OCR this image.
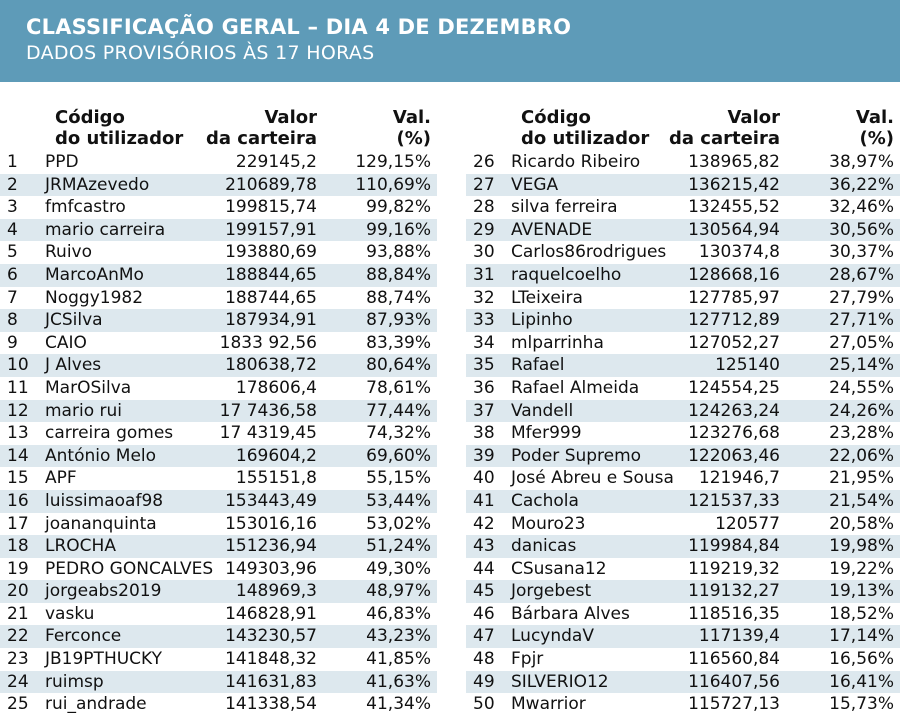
CLASSIFICAÇÃO GERAL – DIA 4 DE DEZEMBRO
DADOS PROVISÓRIOS ÀS 17 HORAS
Código
do utilizador
Valor
da carteira
Val.
(%)
1 PPD	229145,2 129,15%
2 JRMAzevedo	210689,78 110,69%
3 fmfcastro	199815,74	99,82%
4 mario carreira	199157,91	99,16%
5 Ruivo	193880,69	93,88%
6 MarcoAnMo	188844,65	88,84%
7 Noggy1982	188744,65	88,74%
8 JCSilva	187934,91	87,93%
9 CAIO	1833 92,56	83,39%
10 J Alves	180638,72	80,64%
11 MarOSilva	178606,4	78,61%
12 mario rui	17 7436,58	77,44%
13 carreira gomes	17 4319,45	74,32%
14 António Melo	169604,2	69,60%
15 APF	155151,8	55,15%
16 luissimaoaf98	153443,49	53,44%
17 joananquinta	153016,16	53,02%
18 LROCHA	151236,94	51,24%
19 PEDRO GONCALVES 149303,96	49,30%
20 jorgeabs2019	148969,3	48,97%
21 vasku	146828,91	46,83%
22 Ferconce	143230,57	43,23%
23 JB19PTHUCKY	141848,32	41,85%
24 ruimsp	141631,83	41,63%
25 rui_andrade	141338,54	41,34%
Código
do utilizador
Valor
da carteira
Val.
(%)
26 Ricardo Ribeiro	138965,82	38,97%
27 VEGA	136215,42	36,22%
28 silva ferreira	132455,52	32,46%
29 AVENADE	130564,94	30,56%
30 Carlos86rodrigues 130374,8	30,37%
31 raquelcoelho	128668,16	28,67%
32 LTeixeira	127785,97	27,79%
33 Lipinho	127712,89	27,71%
34 mlparrinha	127052,27	27,05%
35 Rafael	125140	25,14%
36 Rafael Almeida	124554,25	24,55%
37 Vandell	124263,24	24,26%
38 Mfer999	123276,68	23,28%
39 Poder Supremo	122063,46	22,06%
40 José Abreu e Sousa 121946,7	21,95%
41 Cachola	121537,33	21,54%
42 Mouro23	120577	20,58%
43 danicas	119984,84	19,98%
44 CSusana12	119219,32	19,22%
45 Jorgebest	119132,27	19,13%
46 Bárbara Alves	118516,35	18,52%
47 LucyndaV	117139,4	17,14%
48 Fpjr	116560,84	16,56%
49 SILVERIO12	116407,56	16,41%
50 Mwarrior	115727,13	15,73%
